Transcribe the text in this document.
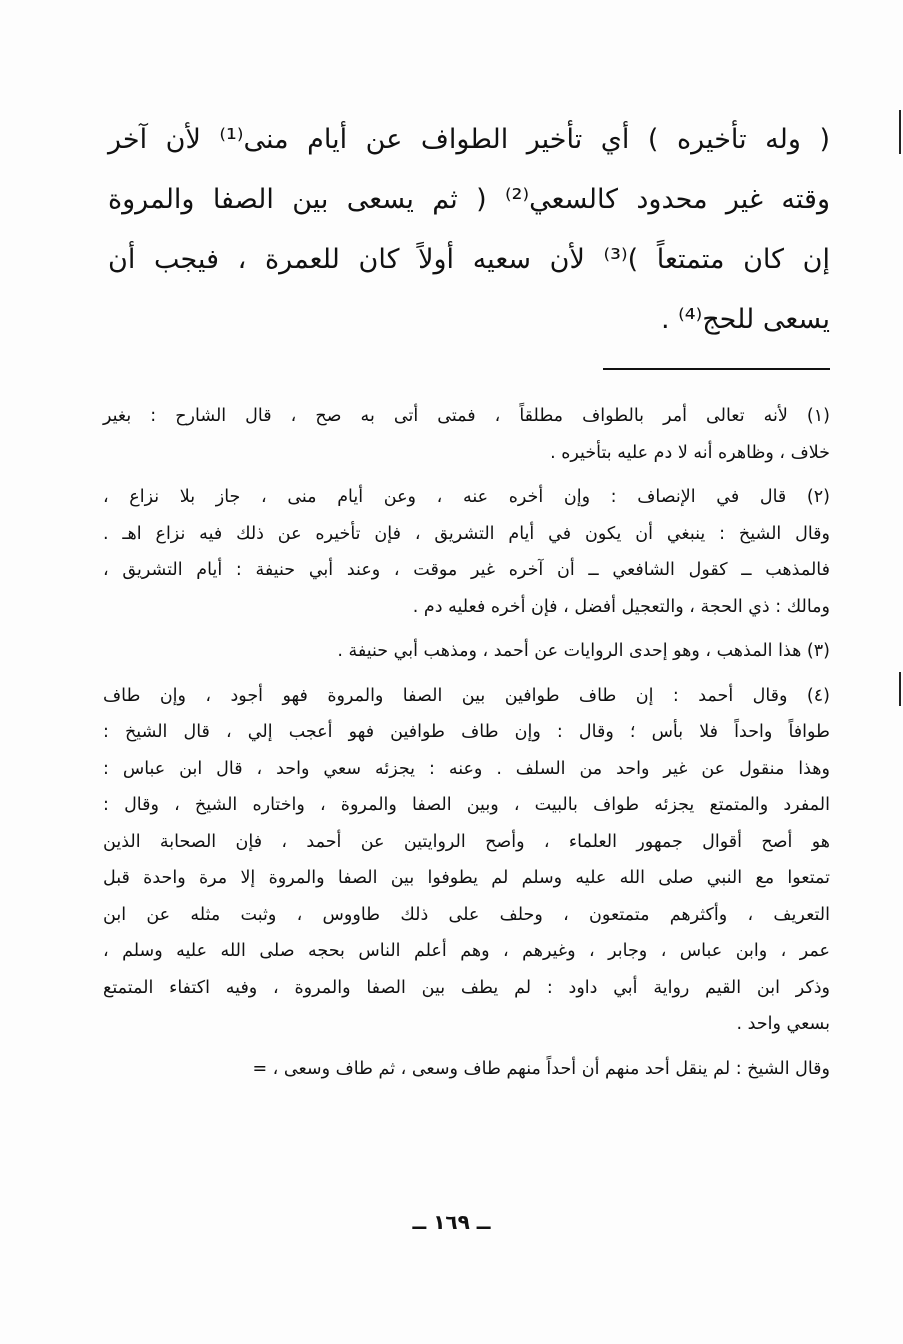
( وله تأخيره ) أي تأخير الطواف عن أيام منى⁽¹⁾ لأن آخر
وقته غير محدود كالسعي⁽²⁾ ( ثم يسعى بين الصفا والمروة
إن كان متمتعاً )⁽³⁾ لأن سعيه أولاً كان للعمرة ، فيجب أن
يسعى للحج⁽⁴⁾ .
(١) لأنه تعالى أمر بالطواف مطلقاً ، فمتى أتى به صح ، قال الشارح : بغير
خلاف ، وظاهره أنه لا دم عليه بتأخيره .
(٢) قال في الإنصاف : وإن أخره عنه ، وعن أيام منى ، جاز بلا نزاع ،
وقال الشيخ : ينبغي أن يكون في أيام التشريق ، فإن تأخيره عن ذلك فيه نزاع اهـ .
فالمذهب ــ كقول الشافعي ــ أن آخره غير موقت ، وعند أبي حنيفة : أيام التشريق ،
ومالك : ذي الحجة ، والتعجيل أفضل ، فإن أخره فعليه دم .
(٣) هذا المذهب ، وهو إحدى الروايات عن أحمد ، ومذهب أبي حنيفة .
(٤) وقال أحمد : إن طاف طوافين بين الصفا والمروة فهو أجود ، وإن طاف
طوافاً واحداً فلا بأس ؛ وقال : وإن طاف طوافين فهو أعجب إلي ، قال الشيخ :
وهذا منقول عن غير واحد من السلف . وعنه : يجزئه سعي واحد ، قال ابن عباس :
المفرد والمتمتع يجزئه طواف بالبيت ، وبين الصفا والمروة ، واختاره الشيخ ، وقال :
هو أصح أقوال جمهور العلماء ، وأصح الروايتين عن أحمد ، فإن الصحابة الذين
تمتعوا مع النبي صلى الله عليه وسلم لم يطوفوا بين الصفا والمروة إلا مرة واحدة قبل
التعريف ، وأكثرهم متمتعون ، وحلف على ذلك طاووس ، وثبت مثله عن ابن
عمر ، وابن عباس ، وجابر ، وغيرهم ، وهم أعلم الناس بحجه صلى الله عليه وسلم ،
وذكر ابن القيم رواية أبي داود : لم يطف بين الصفا والمروة ، وفيه اكتفاء المتمتع
بسعي واحد .
وقال الشيخ : لم ينقل أحد منهم أن أحداً منهم طاف وسعى ، ثم طاف وسعى ، =
ــ ١٦٩ ــ
